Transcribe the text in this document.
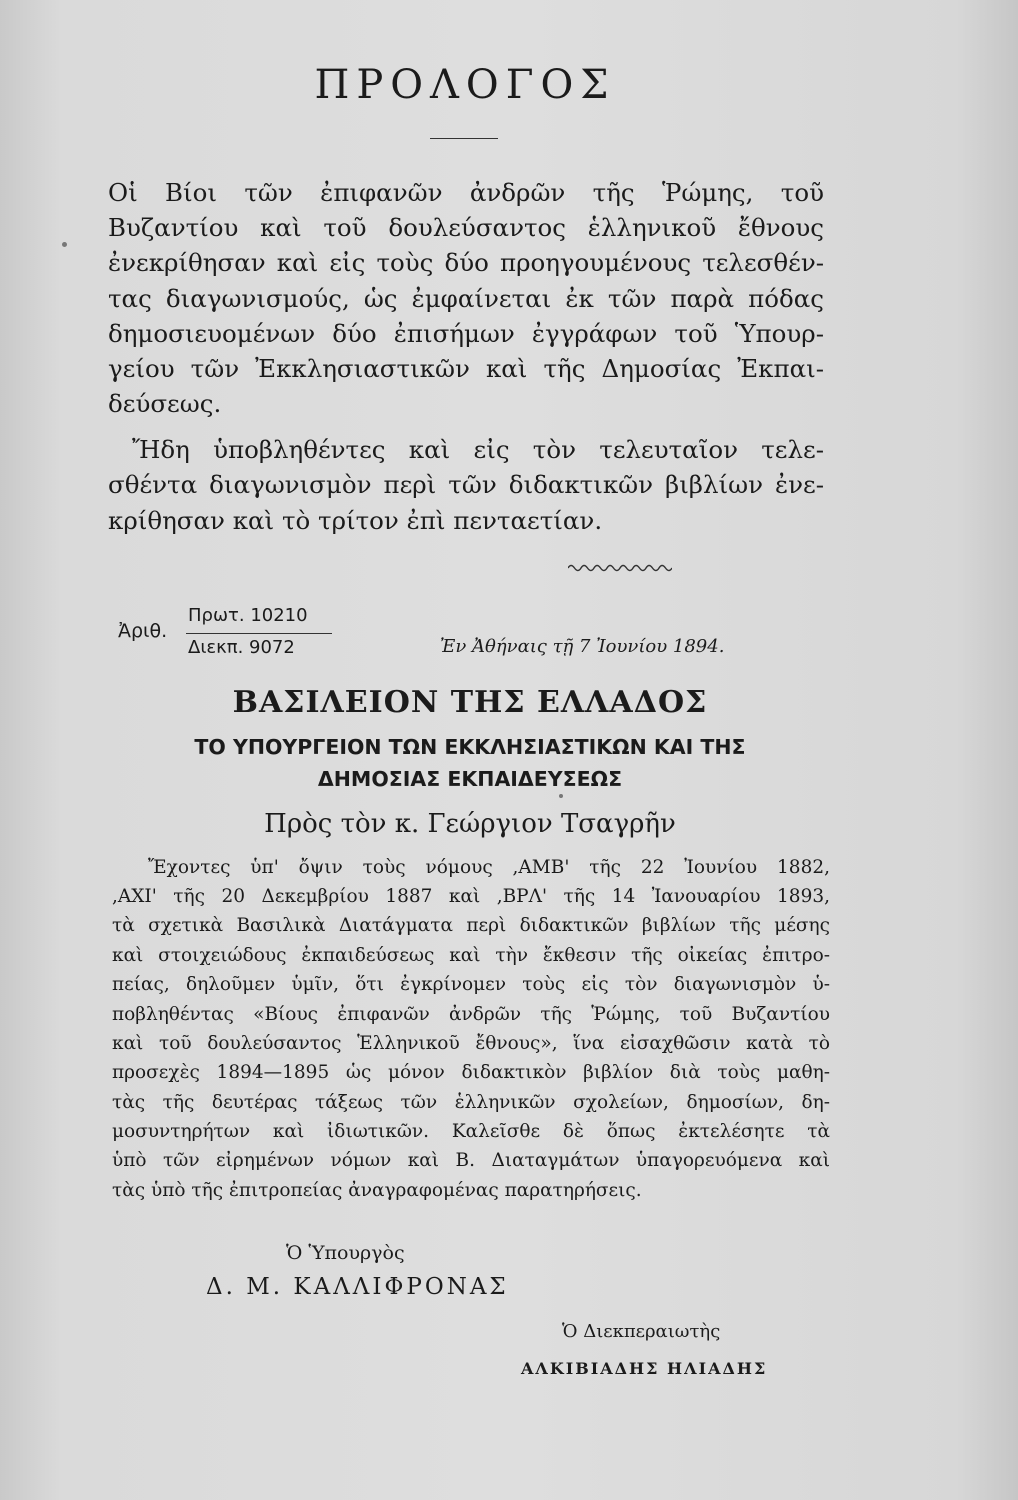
ΠΡΟΛΟΓΟΣ

Οἱ Βίοι τῶν ἐπιφανῶν ἀνδρῶν τῆς Ῥώμης, τοῦ

Βυζαντίου καὶ τοῦ δουλεύσαντος ἑλληνικοῦ ἔθνους

ἐνεκρίθησαν καὶ εἰς τοὺς δύο προηγουμένους τελεσθέν-

τας διαγωνισμούς, ὡς ἐμφαίνεται ἐκ τῶν παρὰ πόδας

δημοσιευομένων δύο ἐπισήμων ἐγγράφων τοῦ Ὑπουρ-

γείου τῶν Ἐκκλησιαστικῶν καὶ τῆς Δημοσίας Ἐκπαι-

δεύσεως.

Ἤδη ὑποβληθέντες καὶ εἰς τὸν τελευταῖον τελε-

σθέντα διαγωνισμὸν περὶ τῶν διδακτικῶν βιβλίων ἐνε-

κρίθησαν καὶ τὸ τρίτον ἐπὶ πενταετίαν.

Ἀριθ.
Πρωτ. 10210
Διεκπ. 9072	Ἐν Ἀθήναις τῇ 7 Ἰουνίου 1894.
ΒΑΣΙΛΕΙΟΝ ΤΗΣ ΕΛΛΑΔΟΣ
ΤΟ ΥΠΟΥΡΓΕΙΟΝ ΤΩΝ ΕΚΚΛΗΣΙΑΣΤΙΚΩΝ ΚΑΙ ΤΗΣ
ΔΗΜΟΣΙΑΣ ΕΚΠΑΙΔΕΥΣΕΩΣ

Πρὸς τὸν κ. Γεώργιον Τσαγρῆν

Ἔχοντες ὑπ' ὄψιν τοὺς νόμους ,ΑΜΒ' τῆς 22 Ἰουνίου 1882,

,ΑΧΙ' τῆς 20 Δεκεμβρίου 1887 καὶ ,ΒΡΛ' τῆς 14 Ἰανουαρίου 1893,

τὰ σχετικὰ Βασιλικὰ Διατάγματα περὶ διδακτικῶν βιβλίων τῆς μέσης

καὶ στοιχειώδους ἐκπαιδεύσεως καὶ τὴν ἔκθεσιν τῆς οἰκείας ἐπιτρο-

πείας, δηλοῦμεν ὑμῖν, ὅτι ἐγκρίνομεν τοὺς εἰς τὸν διαγωνισμὸν ὑ-

ποβληθέντας «Βίους ἐπιφανῶν ἀνδρῶν τῆς Ῥώμης, τοῦ Βυζαντίου

καὶ τοῦ δουλεύσαντος Ἑλληνικοῦ ἔθνους», ἵνα εἰσαχθῶσιν κατὰ τὸ

προσεχὲς 1894—1895 ὡς μόνον διδακτικὸν βιβλίον διὰ τοὺς μαθη-

τὰς τῆς δευτέρας τάξεως τῶν ἑλληνικῶν σχολείων, δημοσίων, δη-

μοσυντηρήτων καὶ ἰδιωτικῶν. Καλεῖσθε δὲ ὅπως ἐκτελέσητε τὰ

ὑπὸ τῶν εἰρημένων νόμων καὶ Β. Διαταγμάτων ὑπαγορευόμενα καὶ

τὰς ὑπὸ τῆς ἐπιτροπείας ἀναγραφομένας παρατηρήσεις.

Ὁ Ὑπουργὸς
Δ. Μ. ΚΑΛΛΙΦΡΟΝΑΣ
Ὁ Διεκπεραιωτὴς
ΑΛΚΙΒΙΑΔΗΣ ΗΛΙΑΔΗΣ
